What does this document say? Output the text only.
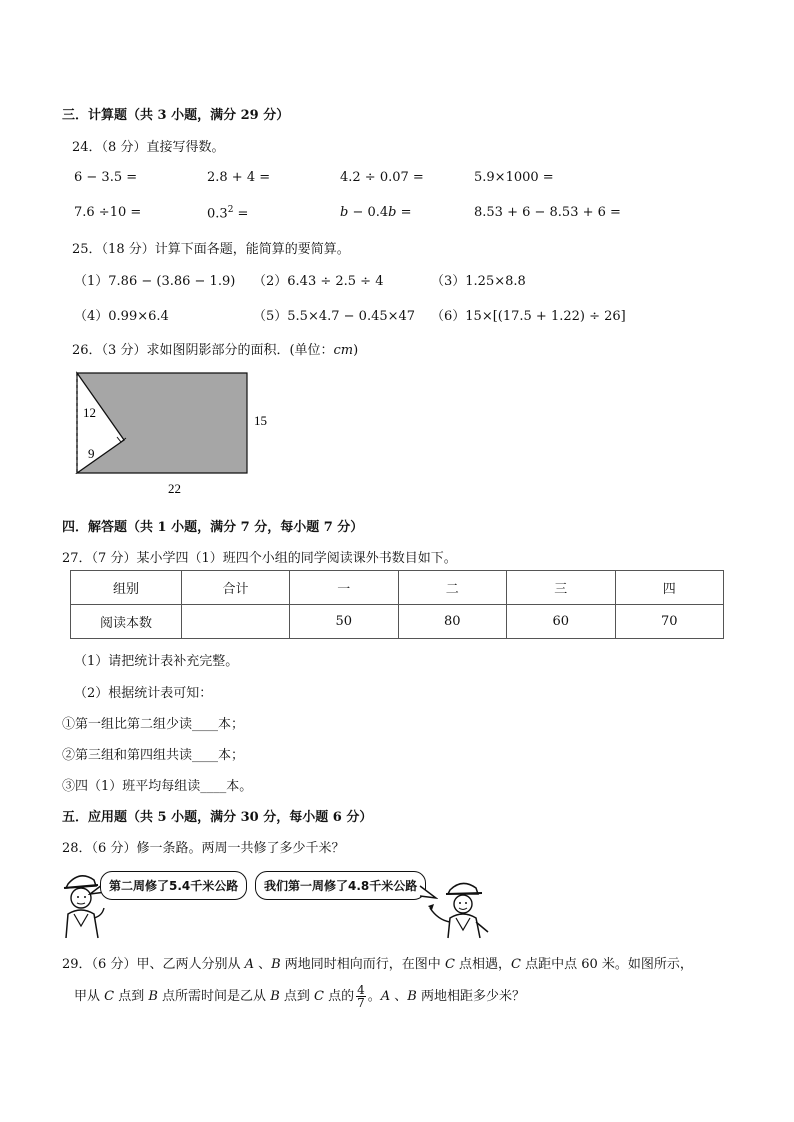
三．计算题（共 3 小题，满分 29 分）
24．（8 分）直接写得数。
6 − 3.5 =	2.8 + 4 =	4.2 ÷ 0.07 =	5.9×1000 =
7.6 ÷10 =	$0.3^2$ =	b − 0.4b =	8.53 + 6 − 8.53 + 6 =
25．（18 分）计算下面各题，能简算的要简算。
（1）7.86 − (3.86 − 1.9) （2）6.43 ÷ 2.5 ÷ 4	（3）1.25×8.8
（4）0.99×6.4	（5）5.5×4.7 − 0.45×47 （6）15×[(17.5 + 1.22) ÷ 26]
26．（3 分）求如图阴影部分的面积．(单位：cm)
12
9
15
22
四．解答题（共 1 小题，满分 7 分，每小题 7 分）
27．（7 分）某小学四（1）班四个小组的同学阅读课外书数目如下。
组别	合计	一	二	三	四
阅读本数		50	80	60	70
（1）请把统计表补充完整。
（2）根据统计表可知：
①第一组比第二组少读____本；
②第三组和第四组共读____本；
③四（1）班平均每组读____本。
五．应用题（共 5 小题，满分 30 分，每小题 6 分）
28．（6 分）修一条路。两周一共修了多少千米？
第二周修了5.4千米公路	我们第一周修了4.8千米公路
29．（6 分）甲、乙两人分别从 A 、B 两地同时相向而行，在图中 C 点相遇，C 点距中点 60 米。如图所示，
甲从 C 点到 B 点所需时间是乙从 B 点到 C 点的 $\frac{4}{7}$ 。A 、B 两地相距多少米？
